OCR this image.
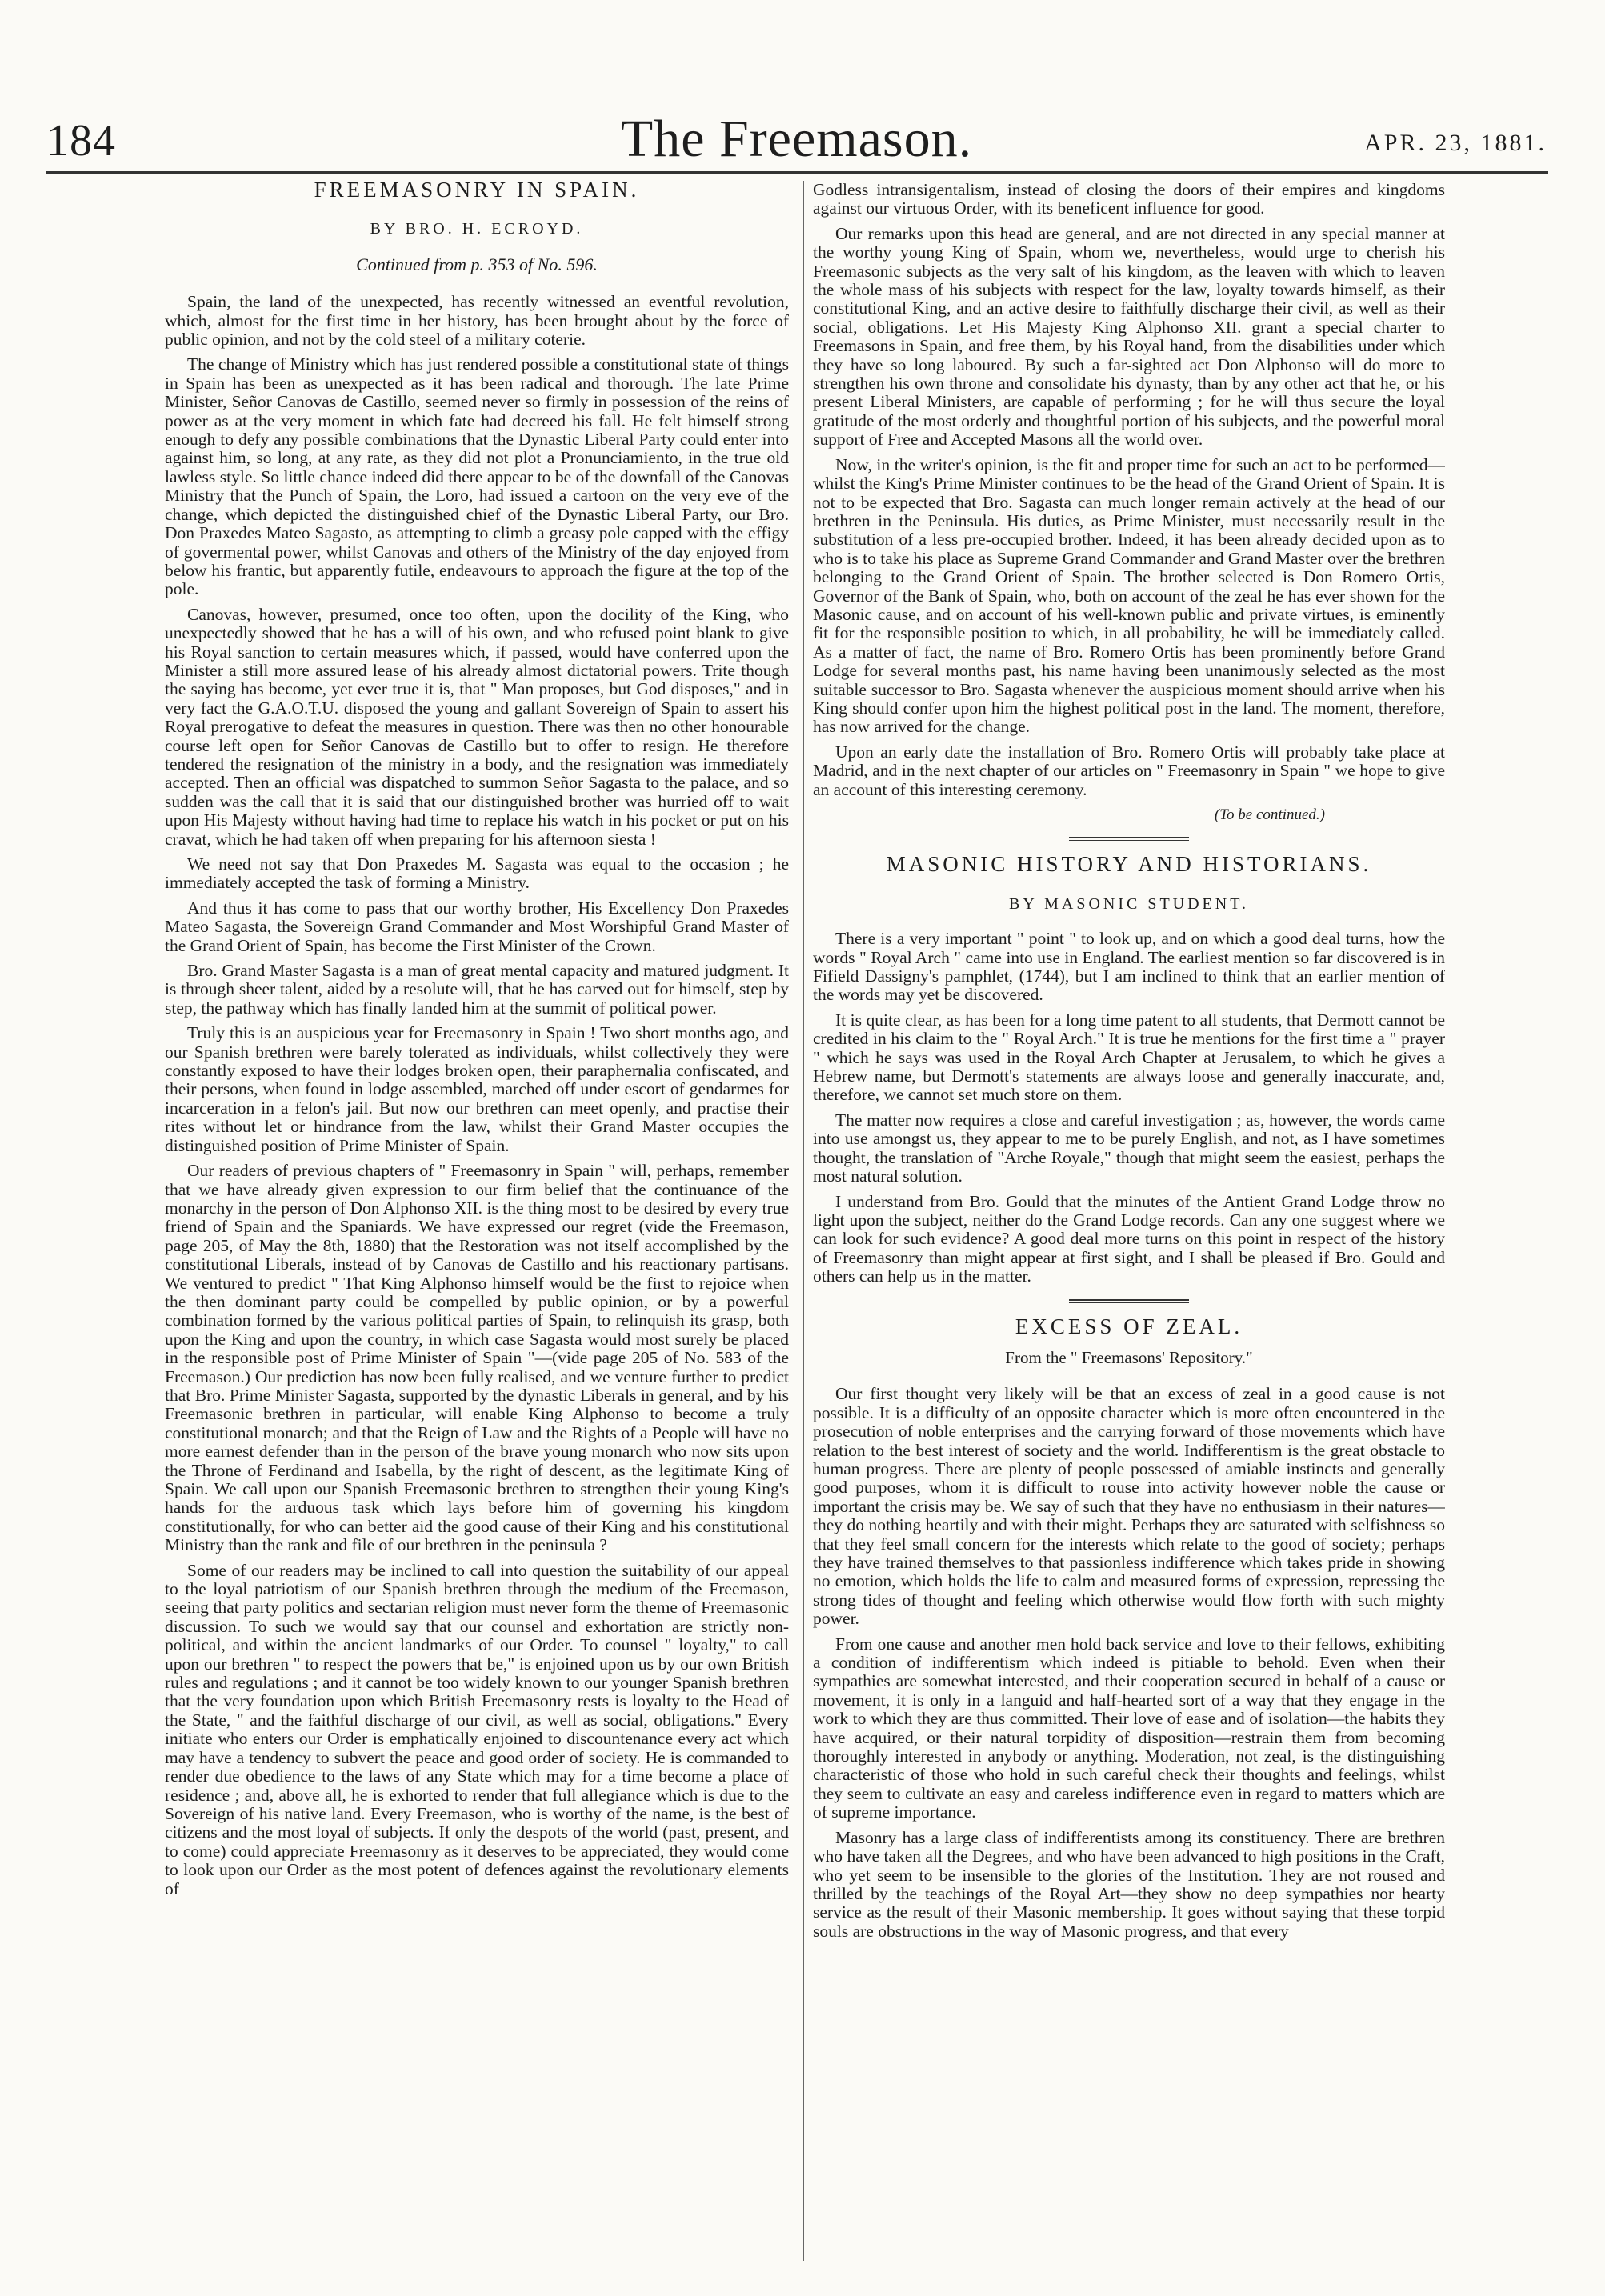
184	The Freemason.	APR. 23, 1881.
FREEMASONRY IN SPAIN.
BY BRO. H. ECROYD.
Continued from p. 353 of No. 596.

Spain, the land of the unexpected, has recently witnessed an eventful revolution, which, almost for the first time in her history, has been brought about by the force of public opinion, and not by the cold steel of a military coterie.

The change of Ministry which has just rendered possible a constitutional state of things in Spain has been as unexpected as it has been radical and thorough. The late Prime Minister, Señor Canovas de Castillo, seemed never so firmly in possession of the reins of power as at the very moment in which fate had decreed his fall. He felt himself strong enough to defy any possible combinations that the Dynastic Liberal Party could enter into against him, so long, at any rate, as they did not plot a Pronunciamiento, in the true old lawless style. So little chance indeed did there appear to be of the downfall of the Canovas Ministry that the Punch of Spain, the Loro, had issued a cartoon on the very eve of the change, which depicted the distinguished chief of the Dynastic Liberal Party, our Bro. Don Praxedes Mateo Sagasto, as attempting to climb a greasy pole capped with the effigy of govermental power, whilst Canovas and others of the Ministry of the day enjoyed from below his frantic, but apparently futile, endeavours to approach the figure at the top of the pole.

Canovas, however, presumed, once too often, upon the docility of the King, who unexpectedly showed that he has a will of his own, and who refused point blank to give his Royal sanction to certain measures which, if passed, would have conferred upon the Minister a still more assured lease of his already almost dictatorial powers. Trite though the saying has become, yet ever true it is, that " Man proposes, but God disposes," and in very fact the G.A.O.T.U. disposed the young and gallant Sovereign of Spain to assert his Royal prerogative to defeat the measures in question. There was then no other honourable course left open for Señor Canovas de Castillo but to offer to resign. He therefore tendered the resignation of the ministry in a body, and the resignation was immediately accepted. Then an official was dispatched to summon Señor Sagasta to the palace, and so sudden was the call that it is said that our distinguished brother was hurried off to wait upon His Majesty without having had time to replace his watch in his pocket or put on his cravat, which he had taken off when preparing for his afternoon siesta !

We need not say that Don Praxedes M. Sagasta was equal to the occasion ; he immediately accepted the task of forming a Ministry.

And thus it has come to pass that our worthy brother, His Excellency Don Praxedes Mateo Sagasta, the Sovereign Grand Commander and Most Worshipful Grand Master of the Grand Orient of Spain, has become the First Minister of the Crown.

Bro. Grand Master Sagasta is a man of great mental capacity and matured judgment. It is through sheer talent, aided by a resolute will, that he has carved out for himself, step by step, the pathway which has finally landed him at the summit of political power.

Truly this is an auspicious year for Freemasonry in Spain ! Two short months ago, and our Spanish brethren were barely tolerated as individuals, whilst collectively they were constantly exposed to have their lodges broken open, their paraphernalia confiscated, and their persons, when found in lodge assembled, marched off under escort of gendarmes for incarceration in a felon's jail. But now our brethren can meet openly, and practise their rites without let or hindrance from the law, whilst their Grand Master occupies the distinguished position of Prime Minister of Spain.

Our readers of previous chapters of " Freemasonry in Spain " will, perhaps, remember that we have already given expression to our firm belief that the continuance of the monarchy in the person of Don Alphonso XII. is the thing most to be desired by every true friend of Spain and the Spaniards. We have expressed our regret (vide the Freemason, page 205, of May the 8th, 1880) that the Restoration was not itself accomplished by the constitutional Liberals, instead of by Canovas de Castillo and his reactionary partisans. We ventured to predict " That King Alphonso himself would be the first to rejoice when the then dominant party could be compelled by public opinion, or by a powerful combination formed by the various political parties of Spain, to relinquish its grasp, both upon the King and upon the country, in which case Sagasta would most surely be placed in the responsible post of Prime Minister of Spain "—(vide page 205 of No. 583 of the Freemason.) Our prediction has now been fully realised, and we venture further to predict that Bro. Prime Minister Sagasta, supported by the dynastic Liberals in general, and by his Freemasonic brethren in particular, will enable King Alphonso to become a truly constitutional monarch; and that the Reign of Law and the Rights of a People will have no more earnest defender than in the person of the brave young monarch who now sits upon the Throne of Ferdinand and Isabella, by the right of descent, as the legitimate King of Spain. We call upon our Spanish Freemasonic brethren to strengthen their young King's hands for the arduous task which lays before him of governing his kingdom constitutionally, for who can better aid the good cause of their King and his constitutional Ministry than the rank and file of our brethren in the peninsula ?

Some of our readers may be inclined to call into question the suitability of our appeal to the loyal patriotism of our Spanish brethren through the medium of the Freemason, seeing that party politics and sectarian religion must never form the theme of Freemasonic discussion. To such we would say that our counsel and exhortation are strictly non-political, and within the ancient landmarks of our Order. To counsel " loyalty," to call upon our brethren " to respect the powers that be," is enjoined upon us by our own British rules and regulations ; and it cannot be too widely known to our younger Spanish brethren that the very foundation upon which British Freemasonry rests is loyalty to the Head of the State, " and the faithful discharge of our civil, as well as social, obligations." Every initiate who enters our Order is emphatically enjoined to discountenance every act which may have a tendency to subvert the peace and good order of society. He is commanded to render due obedience to the laws of any State which may for a time become a place of residence ; and, above all, he is exhorted to render that full allegiance which is due to the Sovereign of his native land. Every Freemason, who is worthy of the name, is the best of citizens and the most loyal of subjects. If only the despots of the world (past, present, and to come) could appreciate Freemasonry as it deserves to be appreciated, they would come to look upon our Order as the most potent of defences against the revolutionary elements of

Godless intransigentalism, instead of closing the doors of their empires and kingdoms against our virtuous Order, with its beneficent influence for good.

Our remarks upon this head are general, and are not directed in any special manner at the worthy young King of Spain, whom we, nevertheless, would urge to cherish his Freemasonic subjects as the very salt of his kingdom, as the leaven with which to leaven the whole mass of his subjects with respect for the law, loyalty towards himself, as their constitutional King, and an active desire to faithfully discharge their civil, as well as their social, obligations. Let His Majesty King Alphonso XII. grant a special charter to Freemasons in Spain, and free them, by his Royal hand, from the disabilities under which they have so long laboured. By such a far-sighted act Don Alphonso will do more to strengthen his own throne and consolidate his dynasty, than by any other act that he, or his present Liberal Ministers, are capable of performing ; for he will thus secure the loyal gratitude of the most orderly and thoughtful portion of his subjects, and the powerful moral support of Free and Accepted Masons all the world over.

Now, in the writer's opinion, is the fit and proper time for such an act to be performed—whilst the King's Prime Minister continues to be the head of the Grand Orient of Spain. It is not to be expected that Bro. Sagasta can much longer remain actively at the head of our brethren in the Peninsula. His duties, as Prime Minister, must necessarily result in the substitution of a less pre-occupied brother. Indeed, it has been already decided upon as to who is to take his place as Supreme Grand Commander and Grand Master over the brethren belonging to the Grand Orient of Spain. The brother selected is Don Romero Ortis, Governor of the Bank of Spain, who, both on account of the zeal he has ever shown for the Masonic cause, and on account of his well-known public and private virtues, is eminently fit for the responsible position to which, in all probability, he will be immediately called. As a matter of fact, the name of Bro. Romero Ortis has been prominently before Grand Lodge for several months past, his name having been unanimously selected as the most suitable successor to Bro. Sagasta whenever the auspicious moment should arrive when his King should confer upon him the highest political post in the land. The moment, therefore, has now arrived for the change.

Upon an early date the installation of Bro. Romero Ortis will probably take place at Madrid, and in the next chapter of our articles on " Freemasonry in Spain " we hope to give an account of this interesting ceremony.

(To be continued.)
MASONIC HISTORY AND HISTORIANS.
BY MASONIC STUDENT.

There is a very important " point " to look up, and on which a good deal turns, how the words " Royal Arch " came into use in England. The earliest mention so far discovered is in Fifield Dassigny's pamphlet, (1744), but I am inclined to think that an earlier mention of the words may yet be discovered.

It is quite clear, as has been for a long time patent to all students, that Dermott cannot be credited in his claim to the " Royal Arch." It is true he mentions for the first time a " prayer " which he says was used in the Royal Arch Chapter at Jerusalem, to which he gives a Hebrew name, but Dermott's statements are always loose and generally inaccurate, and, therefore, we cannot set much store on them.

The matter now requires a close and careful investigation ; as, however, the words came into use amongst us, they appear to me to be purely English, and not, as I have sometimes thought, the translation of "Arche Royale," though that might seem the easiest, perhaps the most natural solution.

I understand from Bro. Gould that the minutes of the Antient Grand Lodge throw no light upon the subject, neither do the Grand Lodge records. Can any one suggest where we can look for such evidence? A good deal more turns on this point in respect of the history of Freemasonry than might appear at first sight, and I shall be pleased if Bro. Gould and others can help us in the matter.

EXCESS OF ZEAL.
From the " Freemasons' Repository."

Our first thought very likely will be that an excess of zeal in a good cause is not possible. It is a difficulty of an opposite character which is more often encountered in the prosecution of noble enterprises and the carrying forward of those movements which have relation to the best interest of society and the world. Indifferentism is the great obstacle to human progress. There are plenty of people possessed of amiable instincts and generally good purposes, whom it is difficult to rouse into activity however noble the cause or important the crisis may be. We say of such that they have no enthusiasm in their natures—they do nothing heartily and with their might. Perhaps they are saturated with selfishness so that they feel small concern for the interests which relate to the good of society; perhaps they have trained themselves to that passionless indifference which takes pride in showing no emotion, which holds the life to calm and measured forms of expression, repressing the strong tides of thought and feeling which otherwise would flow forth with such mighty power.

From one cause and another men hold back service and love to their fellows, exhibiting a condition of indifferentism which indeed is pitiable to behold. Even when their sympathies are somewhat interested, and their cooperation secured in behalf of a cause or movement, it is only in a languid and half-hearted sort of a way that they engage in the work to which they are thus committed. Their love of ease and of isolation—the habits they have acquired, or their natural torpidity of disposition—restrain them from becoming thoroughly interested in anybody or anything. Moderation, not zeal, is the distinguishing characteristic of those who hold in such careful check their thoughts and feelings, whilst they seem to cultivate an easy and careless indifference even in regard to matters which are of supreme importance.

Masonry has a large class of indifferentists among its constituency. There are brethren who have taken all the Degrees, and who have been advanced to high positions in the Craft, who yet seem to be insensible to the glories of the Institution. They are not roused and thrilled by the teachings of the Royal Art—they show no deep sympathies nor hearty service as the result of their Masonic membership. It goes without saying that these torpid souls are obstructions in the way of Masonic progress, and that every
